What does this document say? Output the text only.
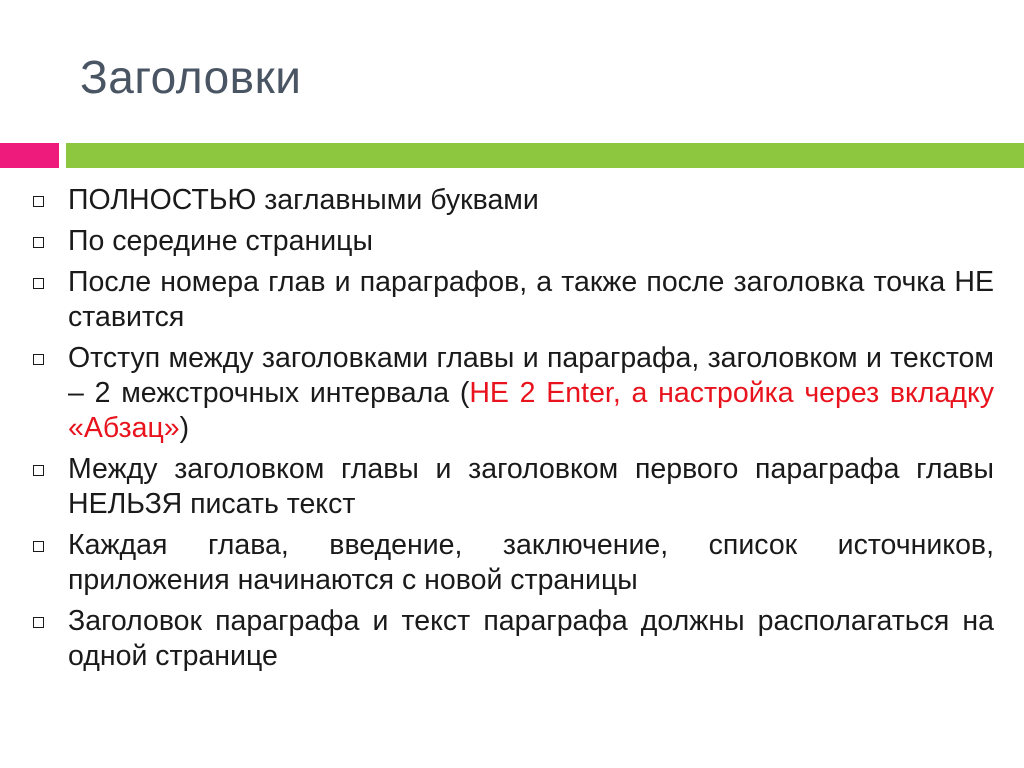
Заголовки
ПОЛНОСТЬЮ заглавными буквами
По середине страницы
После номера глав и параграфов, а также после заголовка точка НЕ ставится
Отступ между заголовками главы и параграфа, заголовком и текстом – 2 межстрочных интервала (НЕ 2 Enter, а настройка через вкладку «Абзац»)
Между заголовком главы и заголовком первого параграфа главы НЕЛЬЗЯ писать текст
Каждая глава, введение, заключение, список источников, приложения начинаются с новой страницы
Заголовок параграфа и текст параграфа должны располагаться на одной странице
